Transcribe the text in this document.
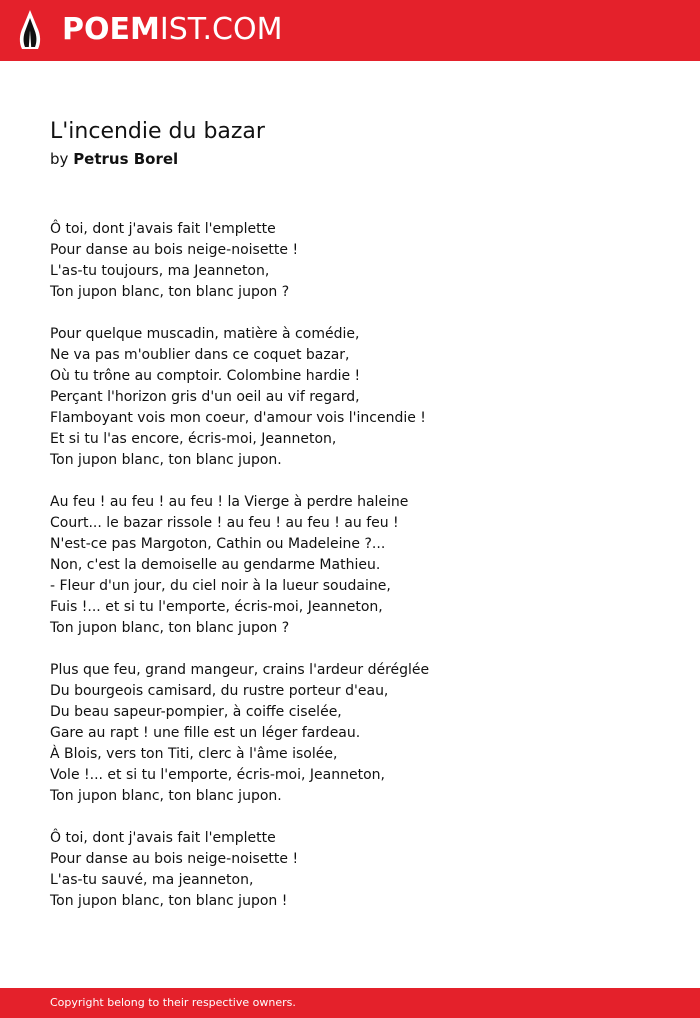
POEMIST.COM
L'incendie du bazar
by Petrus Borel
Ô toi, dont j'avais fait l'emplette
Pour danse au bois neige-noisette !
L'as-tu toujours, ma Jeanneton,
Ton jupon blanc, ton blanc jupon ?
Pour quelque muscadin, matière à comédie,
Ne va pas m'oublier dans ce coquet bazar,
Où tu trône au comptoir. Colombine hardie !
Perçant l'horizon gris d'un oeil au vif regard,
Flamboyant vois mon coeur, d'amour vois l'incendie !
Et si tu l'as encore, écris-moi, Jeanneton,
Ton jupon blanc, ton blanc jupon.
Au feu ! au feu ! au feu ! la Vierge à perdre haleine
Court... le bazar rissole ! au feu ! au feu ! au feu !
N'est-ce pas Margoton, Cathin ou Madeleine ?...
Non, c'est la demoiselle au gendarme Mathieu.
- Fleur d'un jour, du ciel noir à la lueur soudaine,
Fuis !... et si tu l'emporte, écris-moi, Jeanneton,
Ton jupon blanc, ton blanc jupon ?
Plus que feu, grand mangeur, crains l'ardeur déréglée
Du bourgeois camisard, du rustre porteur d'eau,
Du beau sapeur-pompier, à coiffe ciselée,
Gare au rapt ! une fille est un léger fardeau.
À Blois, vers ton Titi, clerc à l'âme isolée,
Vole !... et si tu l'emporte, écris-moi, Jeanneton,
Ton jupon blanc, ton blanc jupon.
Ô toi, dont j'avais fait l'emplette
Pour danse au bois neige-noisette !
L'as-tu sauvé, ma jeanneton,
Ton jupon blanc, ton blanc jupon !
Copyright belong to their respective owners.
